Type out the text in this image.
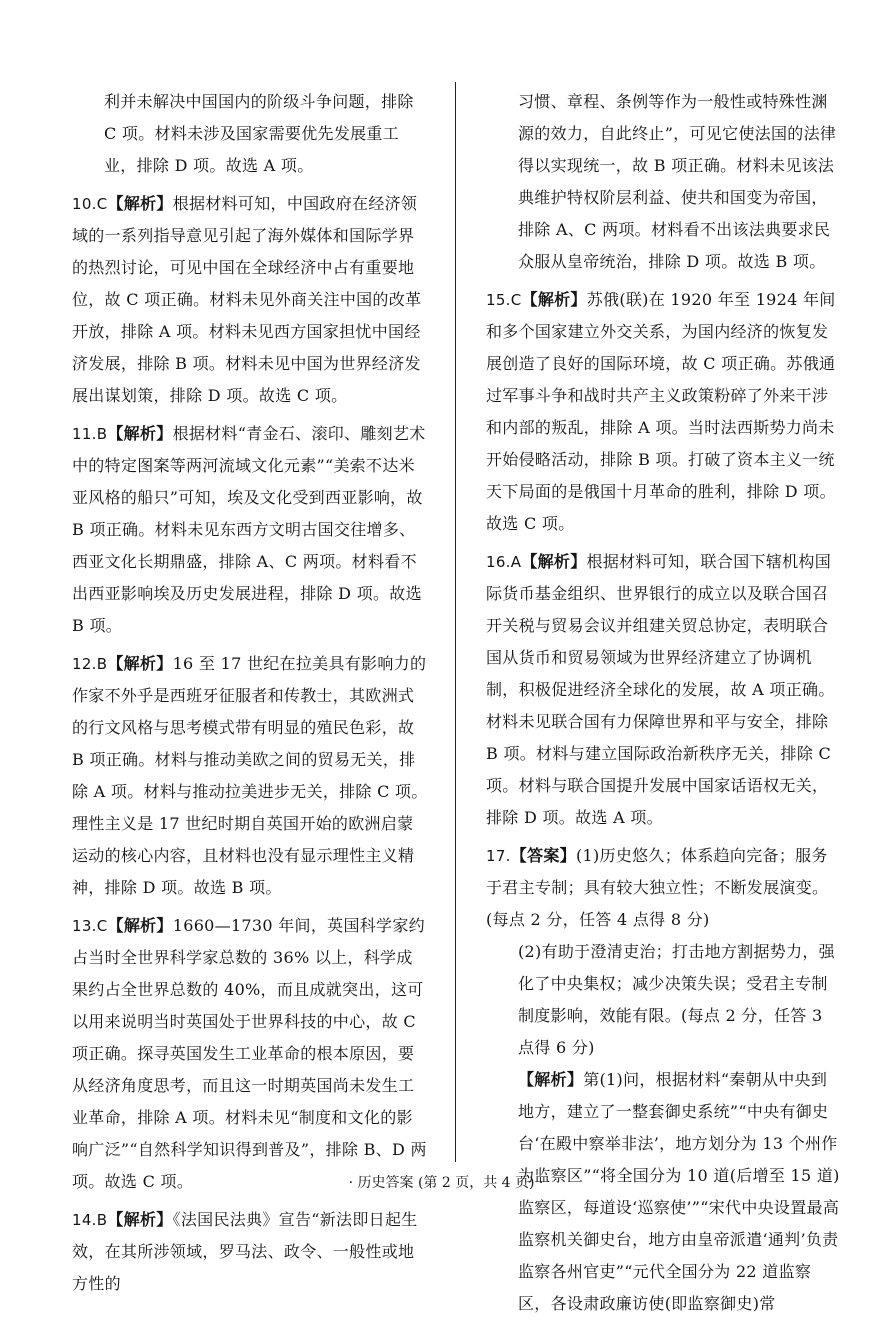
利并未解决中国国内的阶级斗争问题，排除 C 项。材料未涉及国家需要优先发展重工业，排除 D 项。故选 A 项。
10.C【解析】根据材料可知，中国政府在经济领域的一系列指导意见引起了海外媒体和国际学界的热烈讨论，可见中国在全球经济中占有重要地位，故 C 项正确。材料未见外商关注中国的改革开放，排除 A 项。材料未见西方国家担忧中国经济发展，排除 B 项。材料未见中国为世界经济发展出谋划策，排除 D 项。故选 C 项。
11.B【解析】根据材料“青金石、滚印、雕刻艺术中的特定图案等两河流域文化元素”“美索不达米亚风格的船只”可知，埃及文化受到西亚影响，故 B 项正确。材料未见东西方文明古国交往增多、西亚文化长期鼎盛，排除 A、C 两项。材料看不出西亚影响埃及历史发展进程，排除 D 项。故选 B 项。
12.B【解析】16 至 17 世纪在拉美具有影响力的作家不外乎是西班牙征服者和传教士，其欧洲式的行文风格与思考模式带有明显的殖民色彩，故 B 项正确。材料与推动美欧之间的贸易无关，排除 A 项。材料与推动拉美进步无关，排除 C 项。理性主义是 17 世纪时期自英国开始的欧洲启蒙运动的核心内容，且材料也没有显示理性主义精神，排除 D 项。故选 B 项。
13.C【解析】1660—1730 年间，英国科学家约占当时全世界科学家总数的 36% 以上，科学成果约占全世界总数的 40%，而且成就突出，这可以用来说明当时英国处于世界科技的中心，故 C 项正确。探寻英国发生工业革命的根本原因，要从经济角度思考，而且这一时期英国尚未发生工业革命，排除 A 项。材料未见“制度和文化的影响广泛”“自然科学知识得到普及”，排除 B、D 两项。故选 C 项。
14.B【解析】《法国民法典》宣告“新法即日起生效，在其所涉领域，罗马法、政令、一般性或地方性的
习惯、章程、条例等作为一般性或特殊性渊源的效力，自此终止”，可见它使法国的法律得以实现统一，故 B 项正确。材料未见该法典维护特权阶层利益、使共和国变为帝国，排除 A、C 两项。材料看不出该法典要求民众服从皇帝统治，排除 D 项。故选 B 项。
15.C【解析】苏俄(联)在 1920 年至 1924 年间和多个国家建立外交关系，为国内经济的恢复发展创造了良好的国际环境，故 C 项正确。苏俄通过军事斗争和战时共产主义政策粉碎了外来干涉和内部的叛乱，排除 A 项。当时法西斯势力尚未开始侵略活动，排除 B 项。打破了资本主义一统天下局面的是俄国十月革命的胜利，排除 D 项。故选 C 项。
16.A【解析】根据材料可知，联合国下辖机构国际货币基金组织、世界银行的成立以及联合国召开关税与贸易会议并组建关贸总协定，表明联合国从货币和贸易领域为世界经济建立了协调机制，积极促进经济全球化的发展，故 A 项正确。材料未见联合国有力保障世界和平与安全，排除 B 项。材料与建立国际政治新秩序无关，排除 C 项。材料与联合国提升发展中国家话语权无关，排除 D 项。故选 A 项。

17.【答案】(1)历史悠久；体系趋向完备；服务于君主专制；具有较大独立性；不断发展演变。(每点 2 分，任答 4 点得 8 分)

(2)有助于澄清吏治；打击地方割据势力，强化了中央集权；减少决策失误；受君主专制制度影响，效能有限。(每点 2 分，任答 3 点得 6 分)

【解析】第(1)问，根据材料“秦朝从中央到地方，建立了一整套御史系统”“中央有御史台‘在殿中察举非法’，地方划分为 13 个州作为监察区”“将全国分为 10 道(后增至 15 道)监察区，每道设‘巡察使’”“宋代中央设置最高监察机关御史台，地方由皇帝派遣‘通判’负责监察各州官吏”“元代全国分为 22 道监察区，各设肃政廉访使(即监察御史)常

· 历史答案 (第 2 页，共 4 页) ·
